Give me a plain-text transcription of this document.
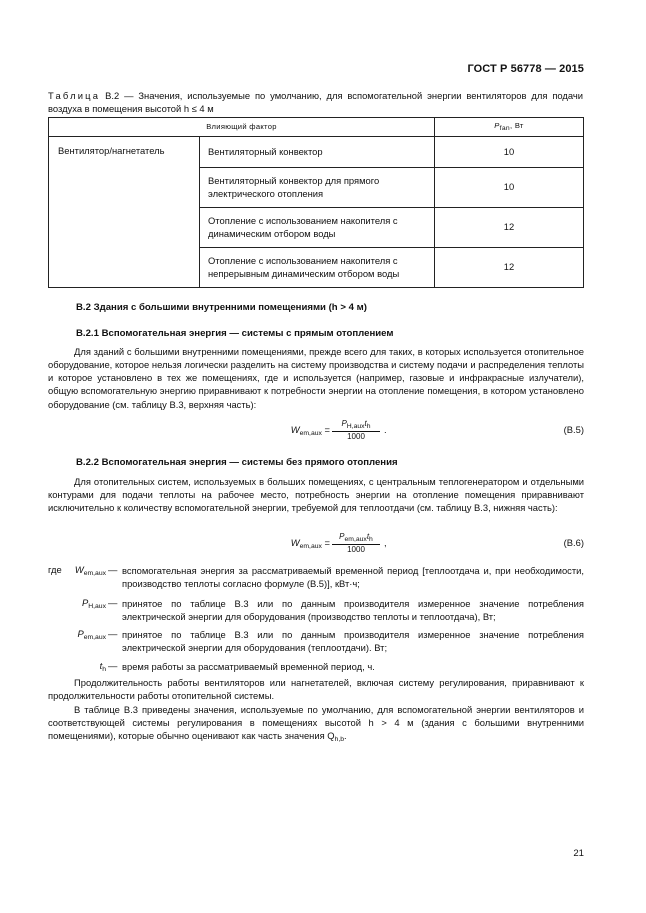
ГОСТ Р 56778 — 2015
Таблица В.2 — Значения, используемые по умолчанию, для вспомогательной энергии вентиляторов для подачи воздуха в помещения высотой h ≤ 4 м
Влияющий фактор		$P_{fan}$, Вт
Вентилятор/нагнетатель	Вентиляторный конвектор	10
	Вентиляторный конвектор для прямого электрического отопления	10
	Отопление с использованием накопителя с динамическим отбором воды	12
	Отопление с использованием накопителя с непрерывным динамическим отбором воды	12
В.2 Здания с большими внутренними помещениями (h > 4 м)
В.2.1 Вспомогательная энергия — системы с прямым отоплением
Для зданий с большими внутренними помещениями, прежде всего для таких, в которых используется отопительное оборудование, которое нельзя логически разделить на систему производства и систему подачи и распределения теплоты и которое установлено в тех же помещениях, где и используется (например, газовые и инфракрасные излучатели), общую вспомогательную энергию приравнивают к потребности энергии на отопление помещения, в котором установлено оборудование (см. таблицу В.3, верхняя часть):
$W_{em,aux}$ =
$P_{H,aux}t_h$
1000
.	(В.5)
В.2.2 Вспомогательная энергия — системы без прямого отопления
Для отопительных систем, используемых в больших помещениях, с центральным теплогенератором и отдельными контурами для подачи теплоты на рабочее место, потребность энергии на отопление помещения приравнивают исключительно к количеству вспомогательной энергии, требуемой для теплоотдачи (см. таблицу В.3, нижняя часть):
$W_{em,aux}$ =
$P_{em,aux}t_h$
1000
,	(В.6)
где	$W_{em,aux}$ — вспомогательная энергия за рассматриваемый временной период [теплоотдача и, при необходимости, производство теплоты согласно формуле (В.5)], кВт·ч;
$P_{H,aux}$ — принятое по таблице В.3 или по данным производителя измеренное значение потребления электрической энергии для оборудования (производство теплоты и теплоотдача), Вт;
$P_{em,aux}$ — принятое по таблице В.3 или по данным производителя измеренное значение потребления электрической энергии для оборудования (теплоотдачи). Вт;
$t_h$ — время работы за рассматриваемый временной период, ч.
Продолжительность работы вентиляторов или нагнетателей, включая систему регулирования, приравнивают к продолжительности работы отопительной системы.
В таблице В.3 приведены значения, используемые по умолчанию, для вспомогательной энергии вентиляторов и соответствующей системы регулирования в помещениях высотой h > 4 м (здания с большими внутренними помещениями), которые обычно оценивают как часть значения $Q_{h,b}$.
21
